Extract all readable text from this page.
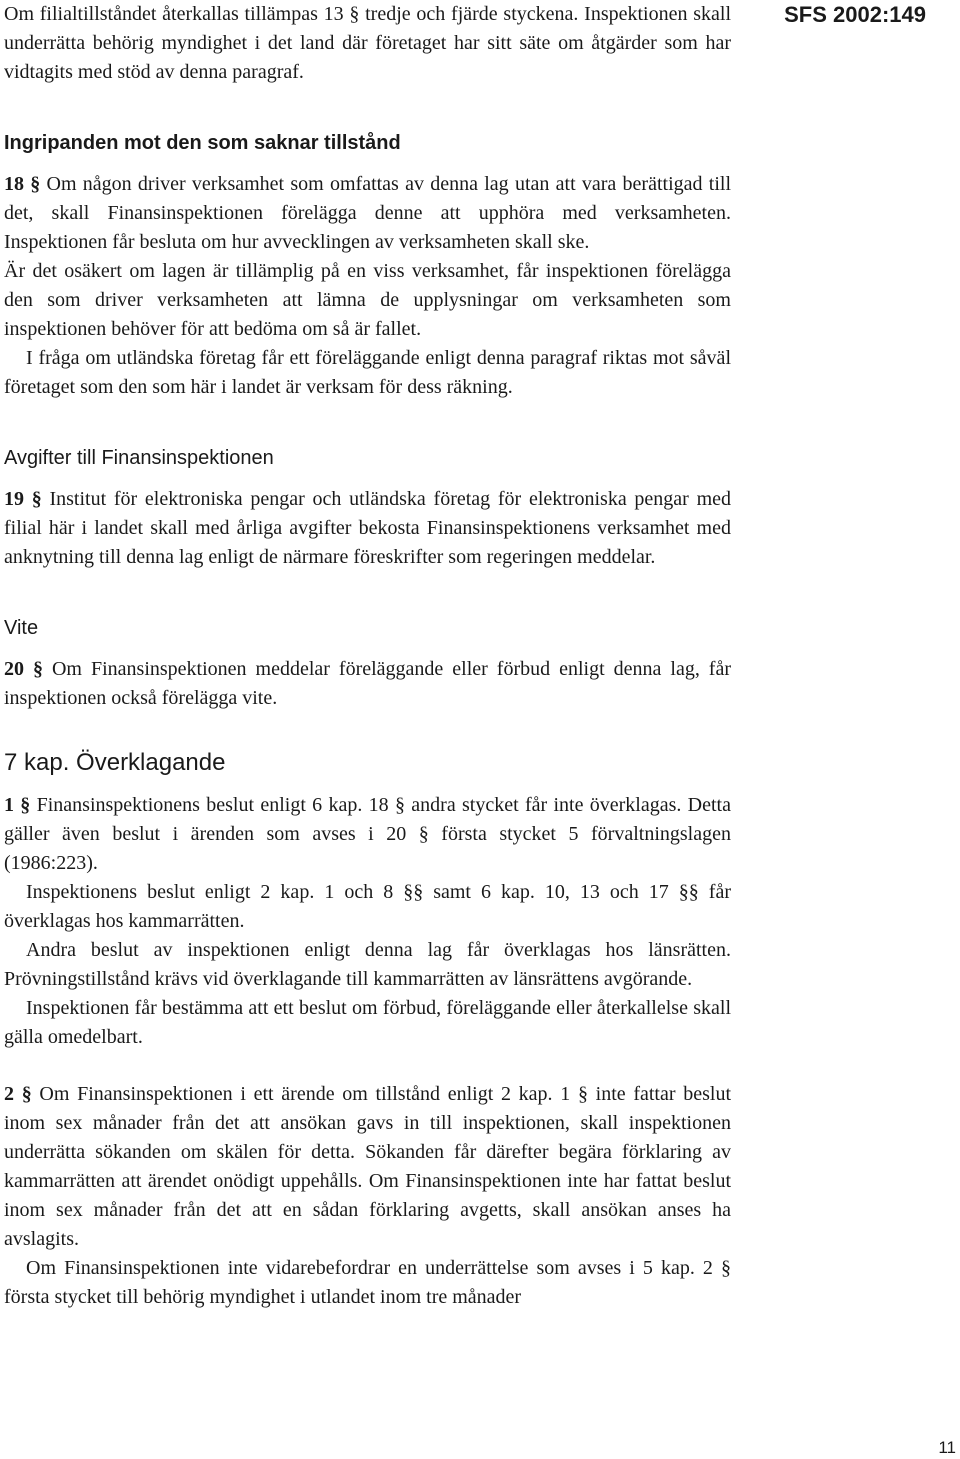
SFS 2002:149

Om filialtillståndet återkallas tillämpas 13 § tredje och fjärde styckena. Inspektionen skall underrätta behörig myndighet i det land där företaget har sitt säte om åtgärder som har vidtagits med stöd av denna paragraf.

Ingripanden mot den som saknar tillstånd

18 § Om någon driver verksamhet som omfattas av denna lag utan att vara berättigad till det, skall Finansinspektionen förelägga denne att upphöra med verksamheten. Inspektionen får besluta om hur avvecklingen av verksamheten skall ske.

Är det osäkert om lagen är tillämplig på en viss verksamhet, får inspektionen förelägga den som driver verksamheten att lämna de upplysningar om verksamheten som inspektionen behöver för att bedöma om så är fallet.

I fråga om utländska företag får ett föreläggande enligt denna paragraf riktas mot såväl företaget som den som här i landet är verksam för dess räkning.

Avgifter till Finansinspektionen

19 § Institut för elektroniska pengar och utländska företag för elektroniska pengar med filial här i landet skall med årliga avgifter bekosta Finansinspektionens verksamhet med anknytning till denna lag enligt de närmare föreskrifter som regeringen meddelar.

Vite

20 § Om Finansinspektionen meddelar föreläggande eller förbud enligt denna lag, får inspektionen också förelägga vite.

7 kap. Överklagande

1 § Finansinspektionens beslut enligt 6 kap. 18 § andra stycket får inte överklagas. Detta gäller även beslut i ärenden som avses i 20 § första stycket 5 förvaltningslagen (1986:223).

Inspektionens beslut enligt 2 kap. 1 och 8 §§ samt 6 kap. 10, 13 och 17 §§ får överklagas hos kammarrätten.

Andra beslut av inspektionen enligt denna lag får överklagas hos länsrätten. Prövningstillstånd krävs vid överklagande till kammarrätten av länsrättens avgörande.

Inspektionen får bestämma att ett beslut om förbud, föreläggande eller återkallelse skall gälla omedelbart.

2 § Om Finansinspektionen i ett ärende om tillstånd enligt 2 kap. 1 § inte fattar beslut inom sex månader från det att ansökan gavs in till inspektionen, skall inspektionen underrätta sökanden om skälen för detta. Sökanden får därefter begära förklaring av kammarrätten att ärendet onödigt uppehålls. Om Finansinspektionen inte har fattat beslut inom sex månader från det att en sådan förklaring avgetts, skall ansökan anses ha avslagits.

Om Finansinspektionen inte vidarebefordrar en underrättelse som avses i 5 kap. 2 § första stycket till behörig myndighet i utlandet inom tre månader

11
